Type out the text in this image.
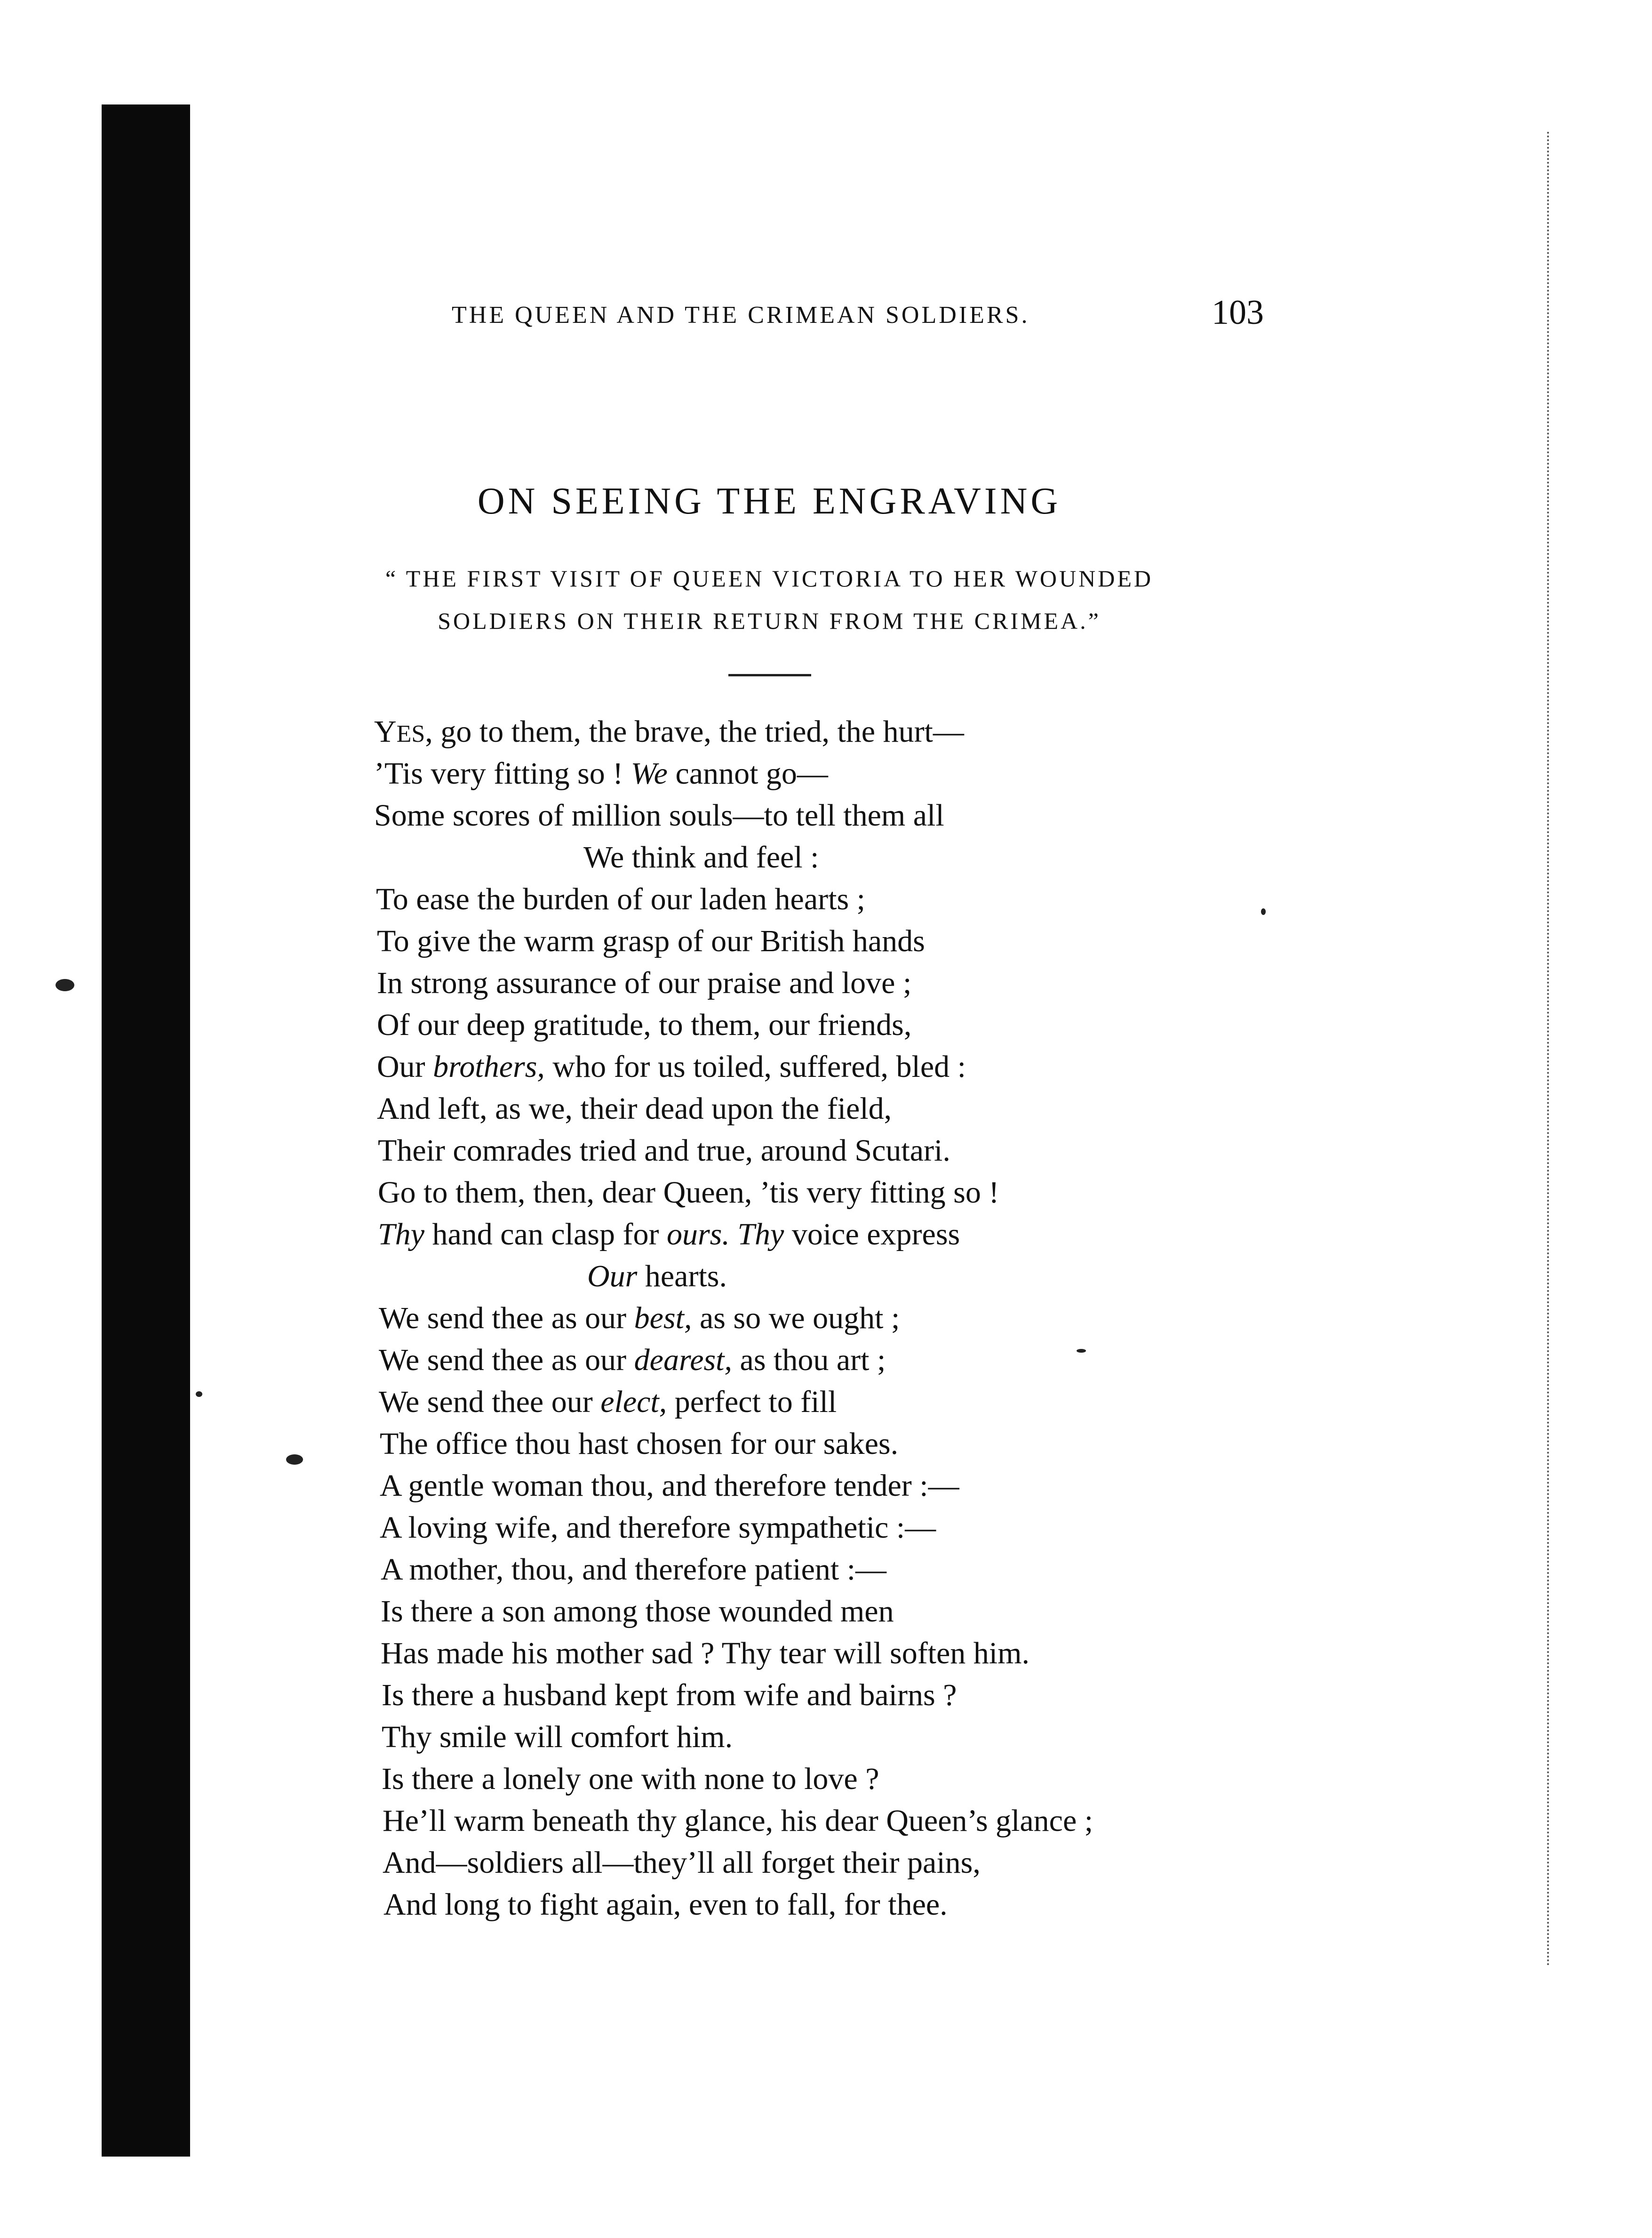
THE QUEEN AND THE CRIMEAN SOLDIERS.	103
ON SEEING THE ENGRAVING
“ THE FIRST VISIT OF QUEEN VICTORIA TO HER WOUNDED
SOLDIERS ON THEIR RETURN FROM THE CRIMEA.”
YES, go to them, the brave, the tried, the hurt—
’Tis very fitting so ! We cannot go—
Some scores of million souls—to tell them all
We think and feel :
To ease the burden of our laden hearts ;
To give the warm grasp of our British hands
In strong assurance of our praise and love ;
Of our deep gratitude, to them, our friends,
Our brothers, who for us toiled, suffered, bled :
And left, as we, their dead upon the field,
Their comrades tried and true, around Scutari.
Go to them, then, dear Queen, ’tis very fitting so !
Thy hand can clasp for ours. Thy voice express
Our hearts.
We send thee as our best, as so we ought ;
We send thee as our dearest, as thou art ;
We send thee our elect, perfect to fill
The office thou hast chosen for our sakes.
A gentle woman thou, and therefore tender :—
A loving wife, and therefore sympathetic :—
A mother, thou, and therefore patient :—
Is there a son among those wounded men
Has made his mother sad ? Thy tear will soften him.
Is there a husband kept from wife and bairns ?
Thy smile will comfort him.
Is there a lonely one with none to love ?
He’ll warm beneath thy glance, his dear Queen’s glance ;
And—soldiers all—they’ll all forget their pains,
And long to fight again, even to fall, for thee.
